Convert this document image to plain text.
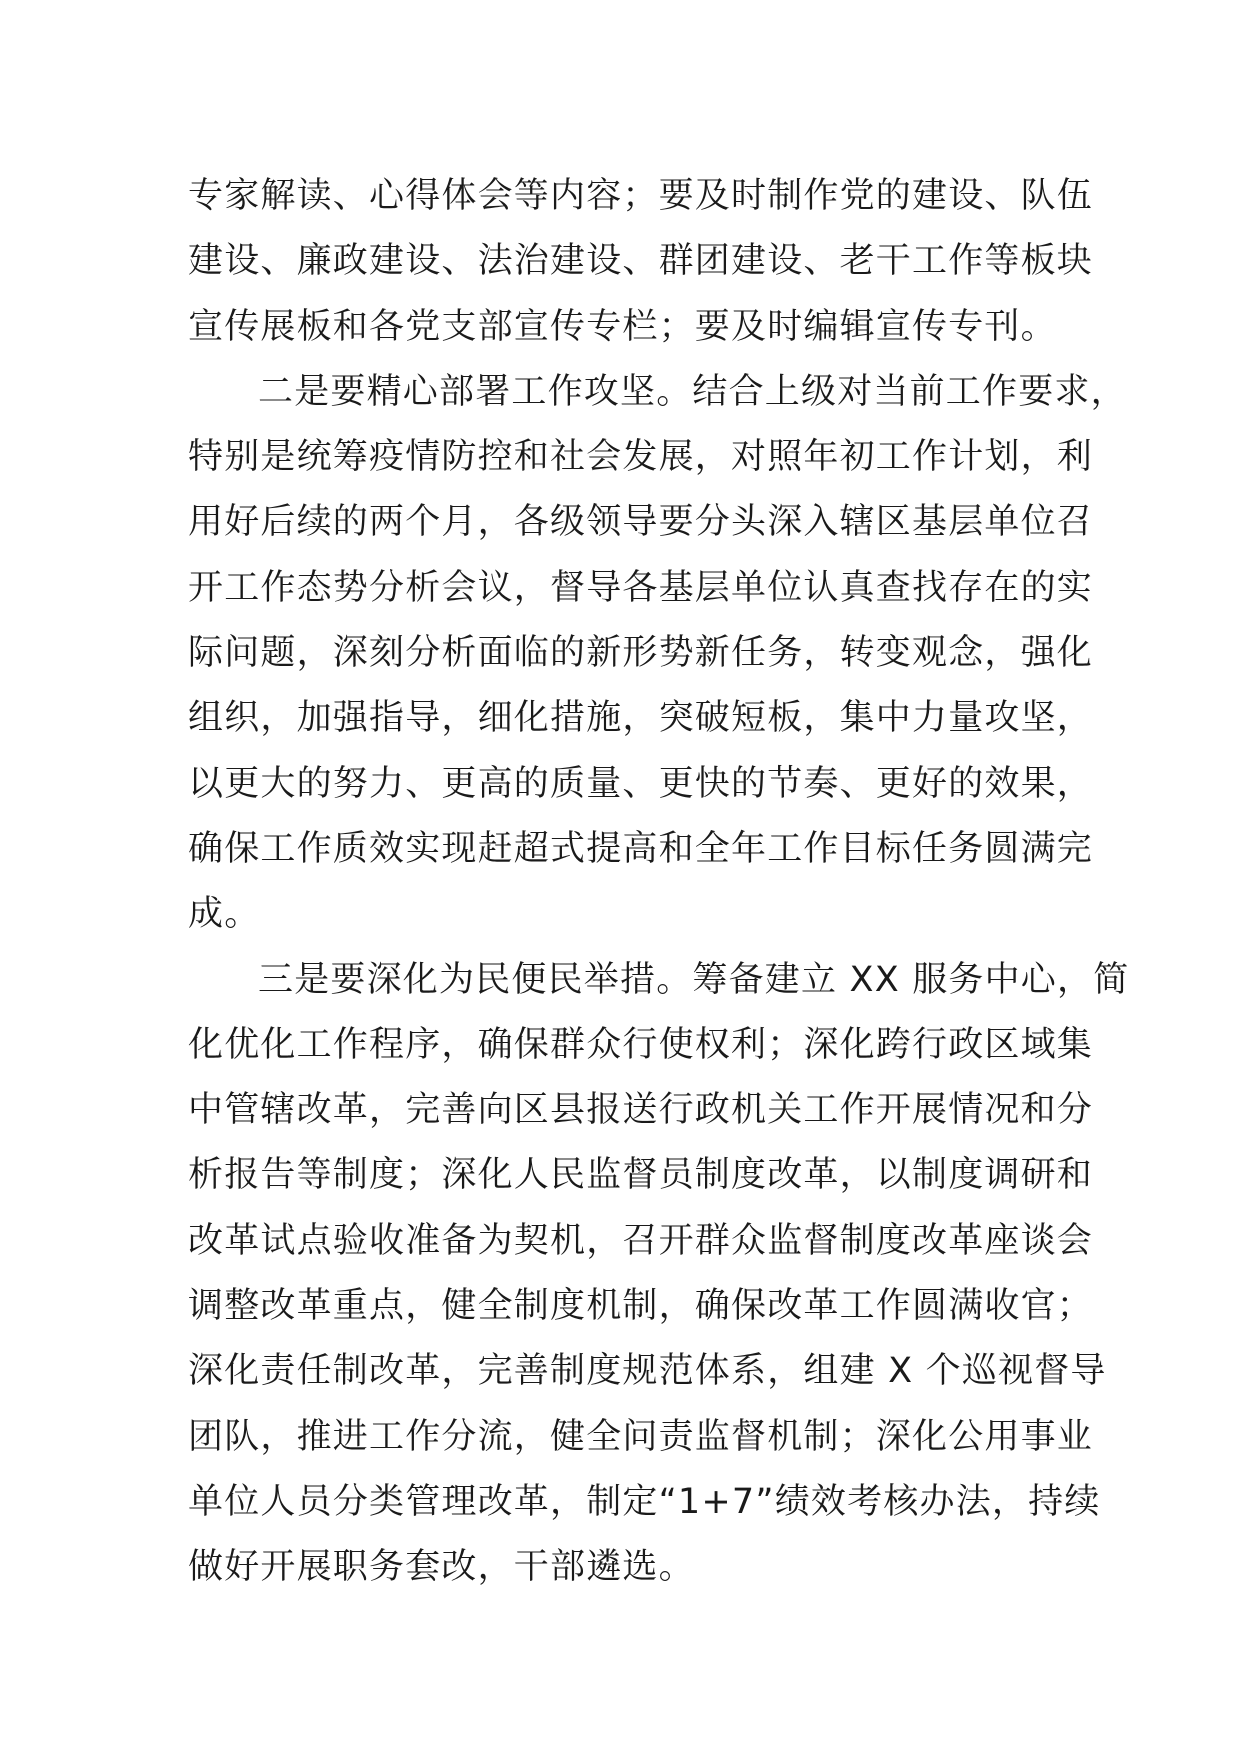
专家解读、心得体会等内容；要及时制作党的建设、队伍
建设、廉政建设、法治建设、群团建设、老干工作等板块
宣传展板和各党支部宣传专栏；要及时编辑宣传专刊。
二是要精心部署工作攻坚。结合上级对当前工作要求，
特别是统筹疫情防控和社会发展，对照年初工作计划，利
用好后续的两个月，各级领导要分头深入辖区基层单位召
开工作态势分析会议，督导各基层单位认真查找存在的实
际问题，深刻分析面临的新形势新任务，转变观念，强化
组织，加强指导，细化措施，突破短板，集中力量攻坚，
以更大的努力、更高的质量、更快的节奏、更好的效果，
确保工作质效实现赶超式提高和全年工作目标任务圆满完
成。
三是要深化为民便民举措。筹备建立 XX 服务中心，简
化优化工作程序，确保群众行使权利；深化跨行政区域集
中管辖改革，完善向区县报送行政机关工作开展情况和分
析报告等制度；深化人民监督员制度改革，以制度调研和
改革试点验收准备为契机，召开群众监督制度改革座谈会
调整改革重点，健全制度机制，确保改革工作圆满收官；
深化责任制改革，完善制度规范体系，组建 X 个巡视督导
团队，推进工作分流，健全问责监督机制；深化公用事业
单位人员分类管理改革，制定“1+7”绩效考核办法，持续
做好开展职务套改，干部遴选。
